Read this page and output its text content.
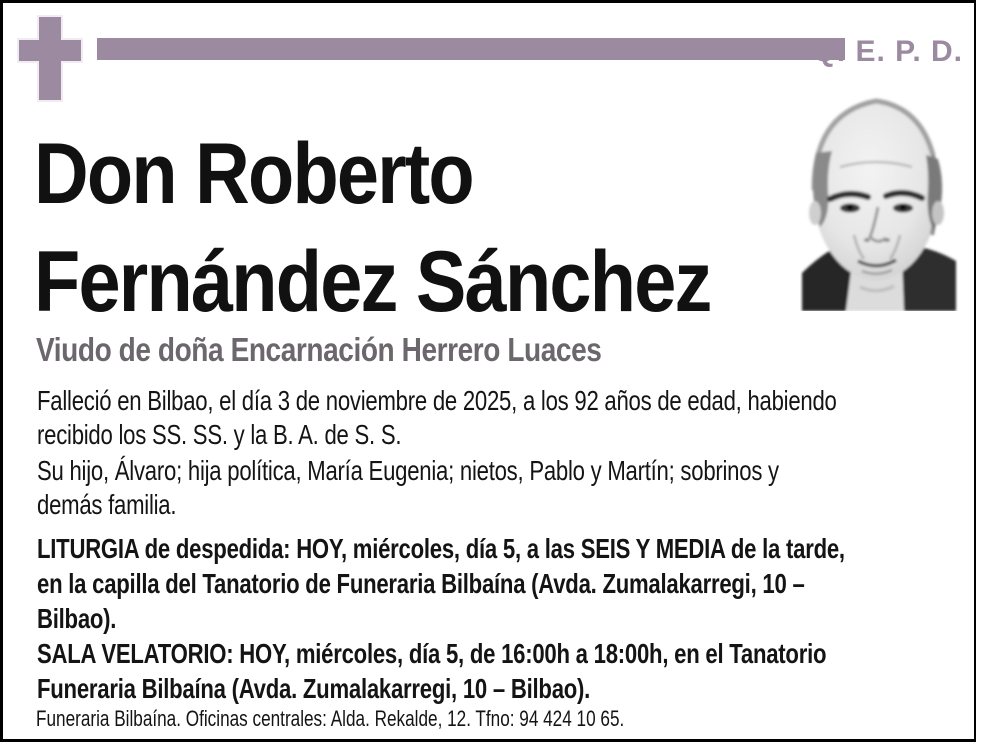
Q. E. P. D.
Don Roberto
Fernández Sánchez
Viudo de doña Encarnación Herrero Luaces
Falleció en Bilbao, el día 3 de noviembre de 2025, a los 92 años de edad, habiendo
recibido los SS. SS. y la B. A. de S. S.
Su hijo, Álvaro; hija política, María Eugenia; nietos, Pablo y Martín; sobrinos y
demás familia.
LITURGIA de despedida: HOY, miércoles, día 5, a las SEIS Y MEDIA de la tarde,
en la capilla del Tanatorio de Funeraria Bilbaína (Avda. Zumalakarregi, 10 –
Bilbao).
SALA VELATORIO: HOY, miércoles, día 5, de 16:00h a 18:00h, en el Tanatorio
Funeraria Bilbaína (Avda. Zumalakarregi, 10 – Bilbao).
Funeraria Bilbaína. Oficinas centrales: Alda. Rekalde, 12. Tfno: 94 424 10 65.
